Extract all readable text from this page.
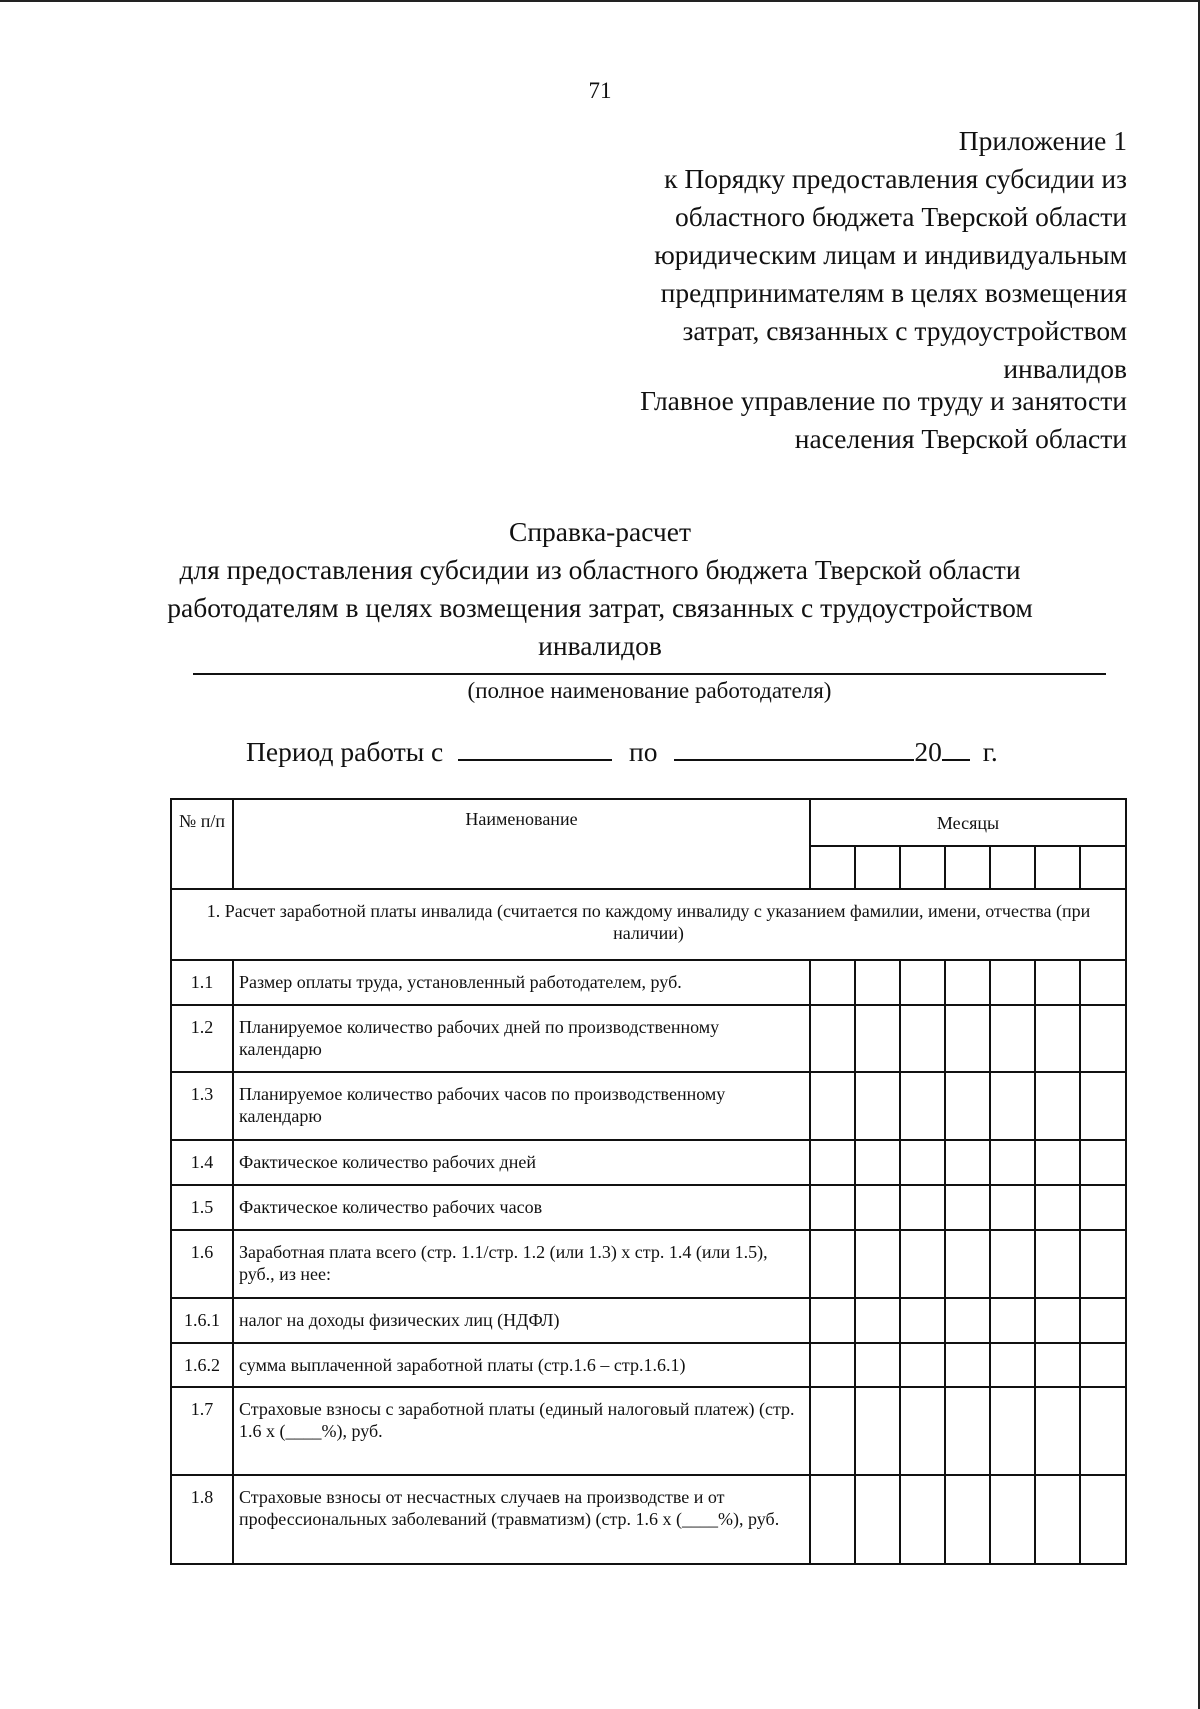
71
Приложение 1
к Порядку предоставления субсидии из
областного бюджета Тверской области
юридическим лицам и индивидуальным
предпринимателям в целях возмещения
затрат, связанных с трудоустройством
инвалидов
Главное управление по труду и занятости
населения Тверской области
Справка-расчет
для предоставления субсидии из областного бюджета Тверской области
работодателям в целях возмещения затрат, связанных с трудоустройством
инвалидов
(полное наименование работодателя)
Период работы с	по	20 г.
№ п/п	Наименование	Месяцы						

1. Расчет заработной платы инвалида (считается по каждому инвалиду с указанием фамилии, имени, отчества (при наличии)								
1.1	Размер оплаты труда, установленный работодателем, руб.							
1.2	Планируемое количество рабочих дней по производственному календарю							
1.3	Планируемое количество рабочих часов по производственному календарю							
1.4	Фактическое количество рабочих дней							
1.5	Фактическое количество рабочих часов							
1.6	Заработная плата всего (стр. 1.1/стр. 1.2 (или 1.3) х стр. 1.4 (или 1.5), руб., из нее:							
1.6.1	налог на доходы физических лиц (НДФЛ)							
1.6.2	сумма выплаченной заработной платы (стр.1.6 – стр.1.6.1)							
1.7	Страховые взносы с заработной платы (единый налоговый платеж) (стр. 1.6 х (____%), руб.							
1.8	Страховые взносы от несчастных случаев на производстве и от профессиональных заболеваний (травматизм) (стр. 1.6 х (____%), руб.							
